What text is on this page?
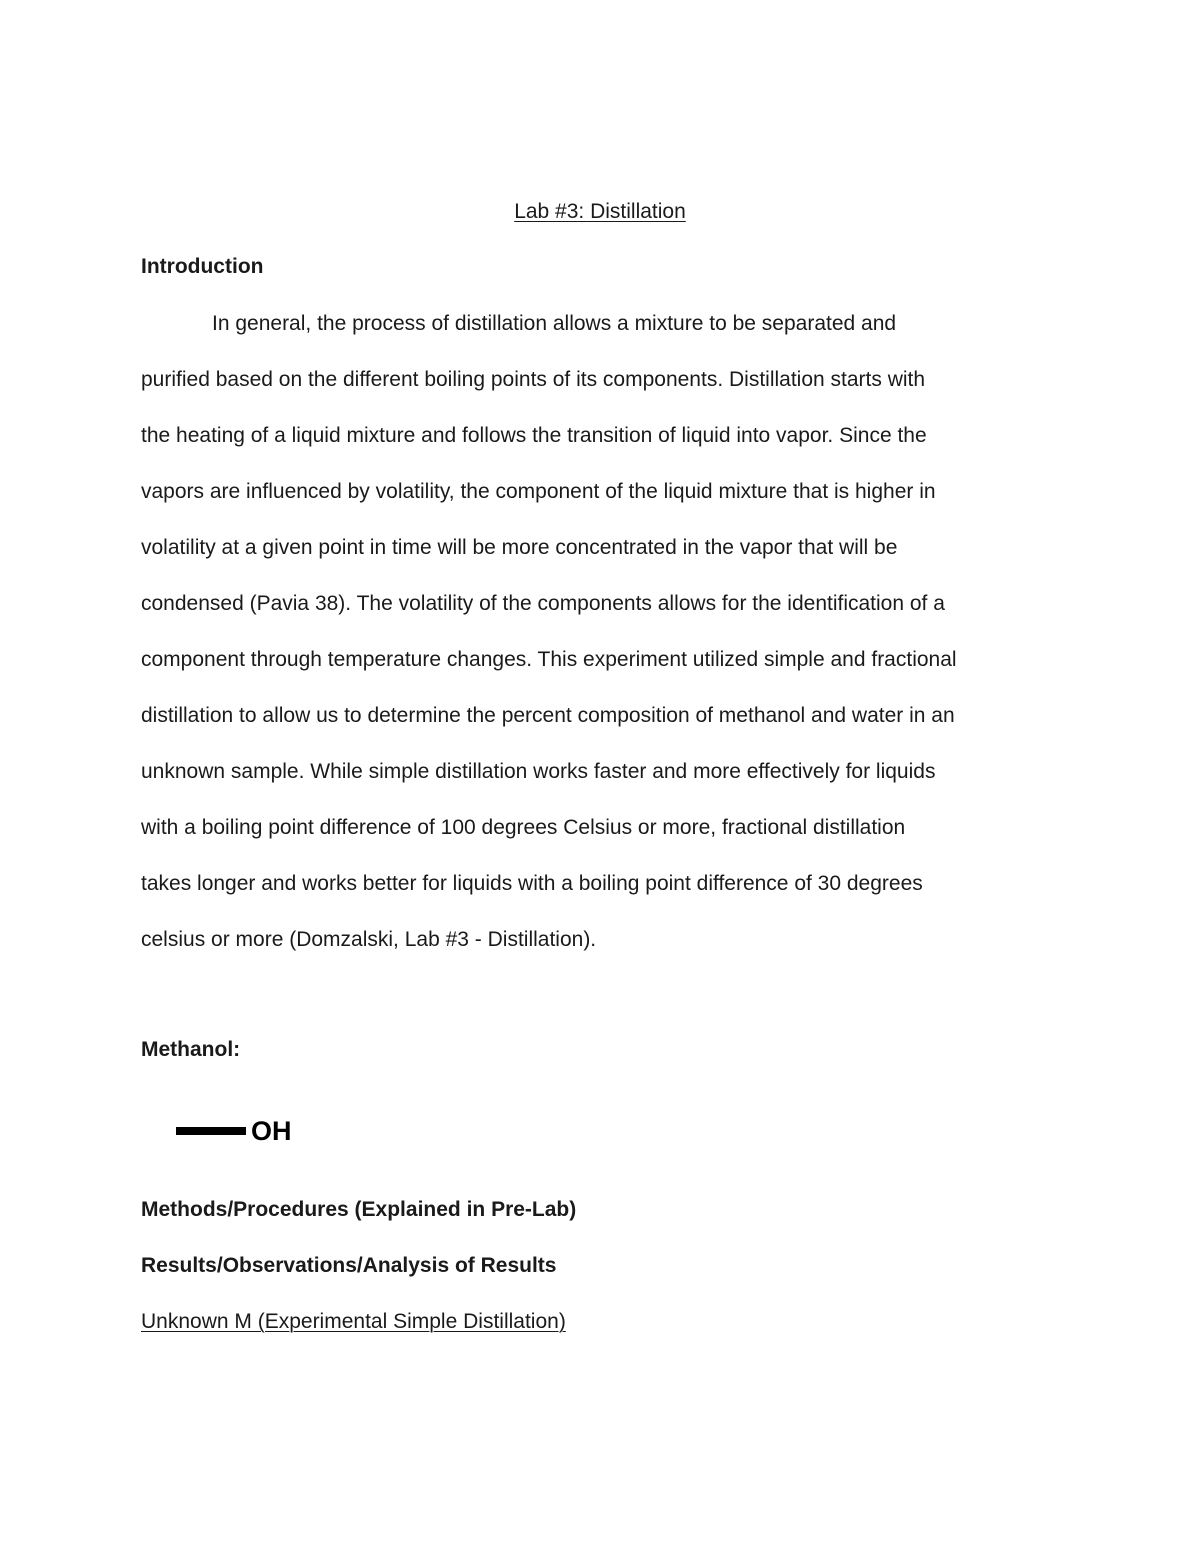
Lab #3: Distillation
Introduction
In general, the process of distillation allows a mixture to be separated and
purified based on the different boiling points of its components. Distillation starts with
the heating of a liquid mixture and follows the transition of liquid into vapor. Since the
vapors are influenced by volatility, the component of the liquid mixture that is higher in
volatility at a given point in time will be more concentrated in the vapor that will be
condensed (Pavia 38). The volatility of the components allows for the identification of a
component through temperature changes. This experiment utilized simple and fractional
distillation to allow us to determine the percent composition of methanol and water in an
unknown sample. While simple distillation works faster and more effectively for liquids
with a boiling point difference of 100 degrees Celsius or more, fractional distillation
takes longer and works better for liquids with a boiling point difference of 30 degrees
celsius or more (Domzalski, Lab #3 - Distillation).
Methanol:
OH
Methods/Procedures (Explained in Pre-Lab)
Results/Observations/Analysis of Results
Unknown M (Experimental Simple Distillation)
